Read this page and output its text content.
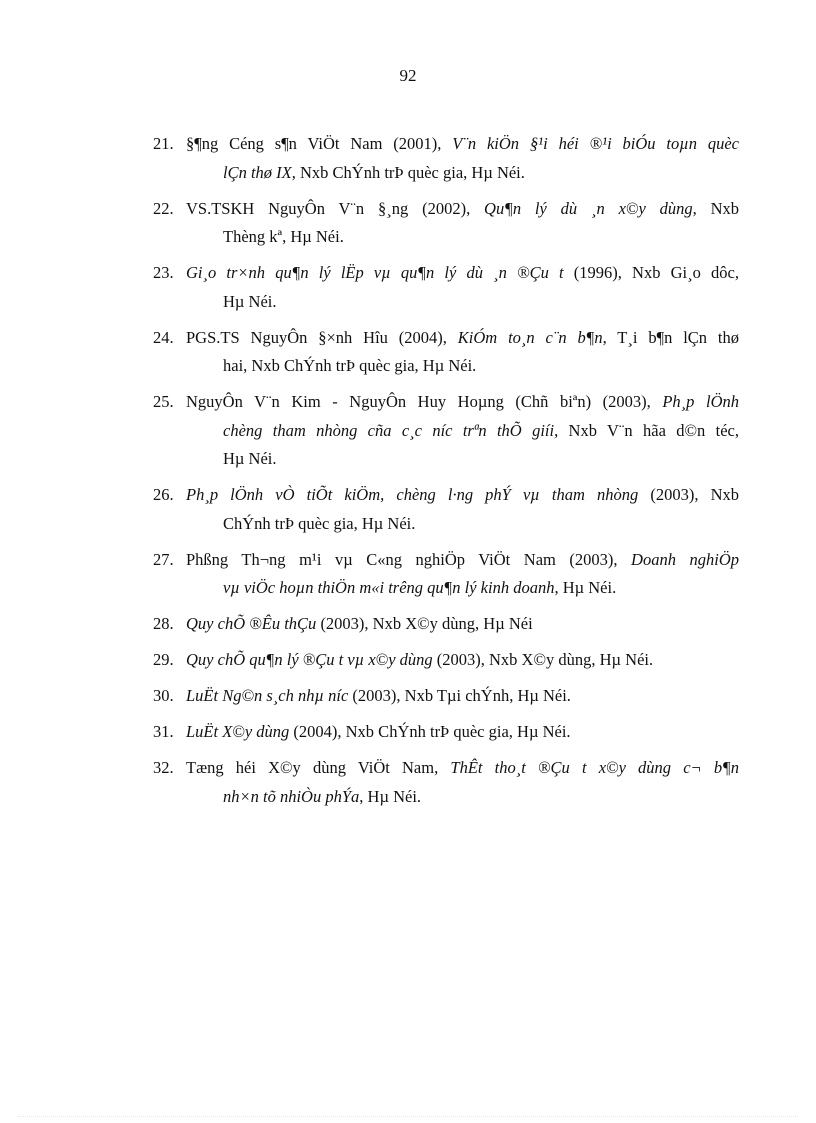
92
21. §¶ng Céng s¶n ViÖt Nam (2001), V¨n kiÖn §¹i héi ®¹i biÓu toµn quèc
lÇn thø IX, Nxb ChÝnh trÞ quèc gia, Hµ Néi.
22. VS.TSKH NguyÔn V¨n §¸ng (2002), Qu¶n lý dù ¸n x©y dùng, Nxb
Thèng kª, Hµ Néi.
23. Gi¸o tr×nh qu¶n lý lËp vµ qu¶n lý dù ¸n ®Çu t (1996), Nxb Gi¸o dôc,
Hµ Néi.
24. PGS.TS NguyÔn §×nh Hîu (2004), KiÓm to¸n c¨n b¶n, T¸i b¶n lÇn thø
hai, Nxb ChÝnh trÞ quèc gia, Hµ Néi.
25. NguyÔn V¨n Kim - NguyÔn Huy Hoµng (Chñ biªn) (2003), Ph¸p lÖnh
chèng tham nhòng cña c¸c níc trªn thÕ giíi, Nxb V¨n hãa d©n téc,
Hµ Néi.
26. Ph¸p lÖnh vÒ tiÕt kiÖm, chèng l·ng phÝ vµ tham nhòng (2003), Nxb
ChÝnh trÞ quèc gia, Hµ Néi.
27. Phßng Th¬ng m¹i vµ C«ng nghiÖp ViÖt Nam (2003), Doanh nghiÖp
vµ viÖc hoµn thiÖn m«i trêng qu¶n lý kinh doanh, Hµ Néi.
28. Quy chÕ ®Êu thÇu (2003), Nxb X©y dùng, Hµ Néi
29. Quy chÕ qu¶n lý ®Çu t vµ x©y dùng (2003), Nxb X©y dùng, Hµ Néi.
30. LuËt Ng©n s¸ch nhµ níc (2003), Nxb Tµi chÝnh, Hµ Néi.
31. LuËt X©y dùng (2004), Nxb ChÝnh trÞ quèc gia, Hµ Néi.
32. Tæng héi X©y dùng ViÖt Nam, ThÊt tho¸t ®Çu t x©y dùng c¬ b¶n
nh×n tõ nhiÒu phÝa, Hµ Néi.
